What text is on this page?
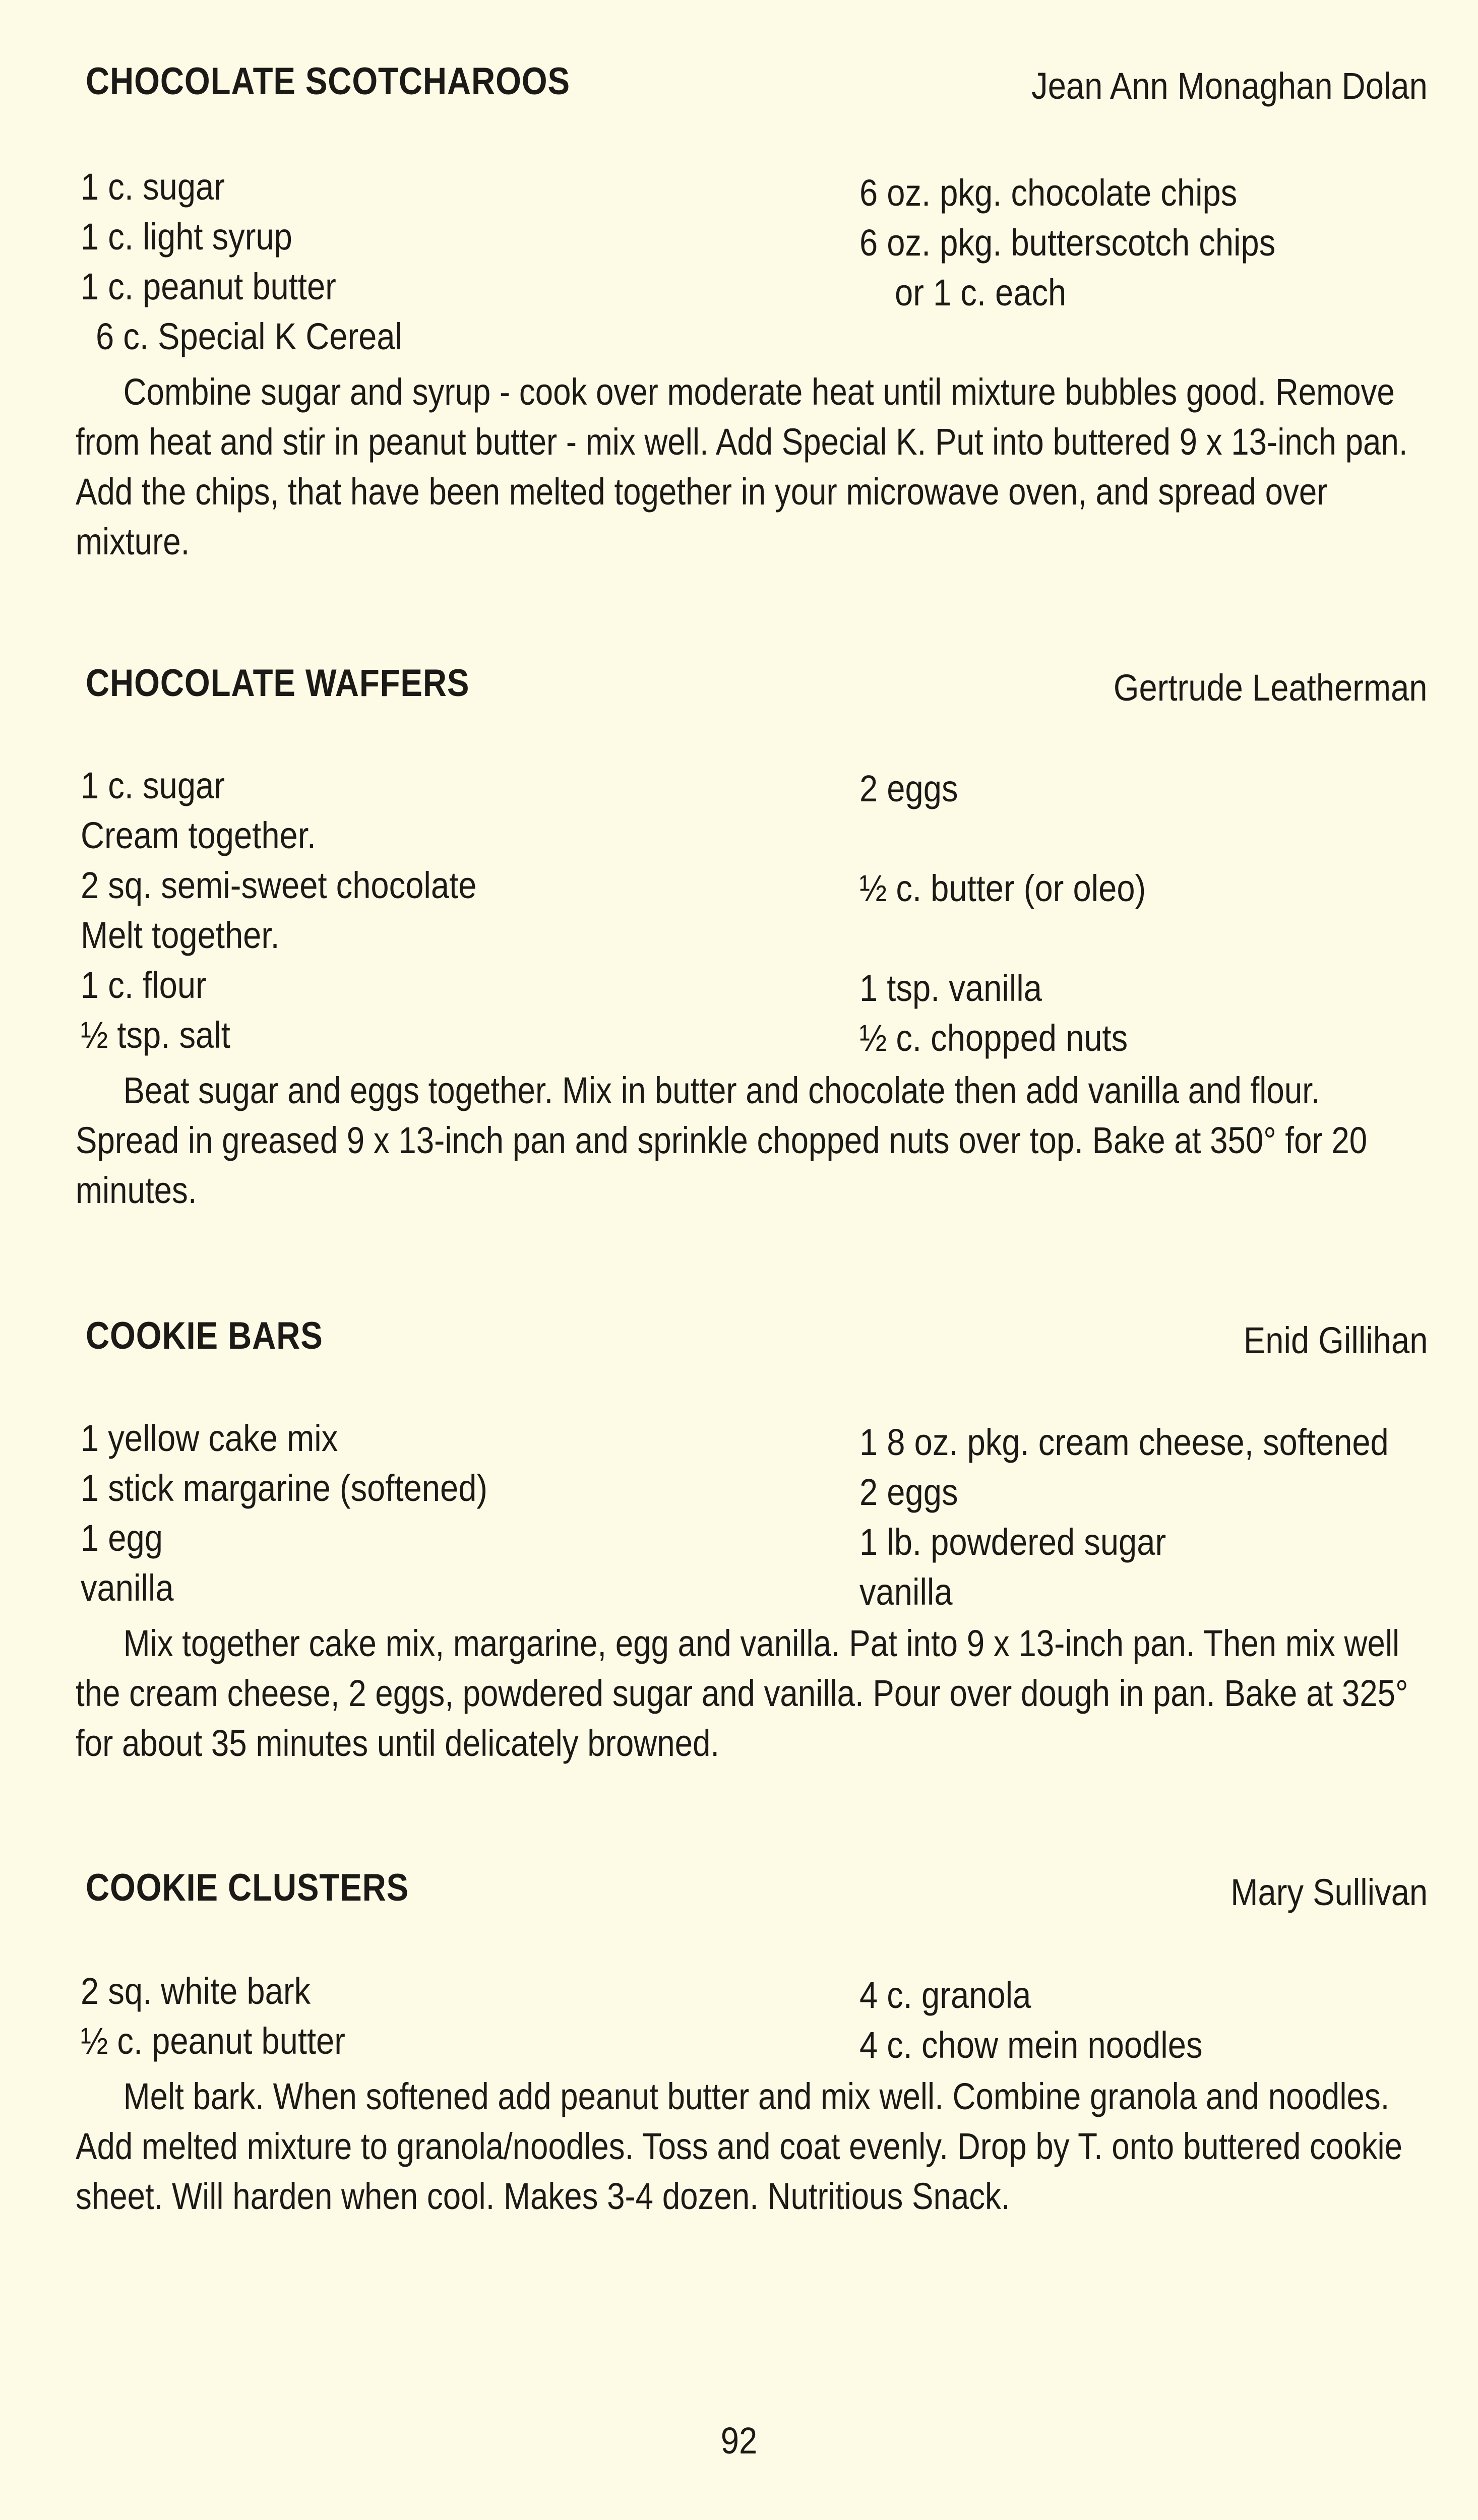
CHOCOLATE SCOTCHAROOS	Jean Ann Monaghan Dolan
1 c. sugar	6 oz. pkg. chocolate chips
1 c. light syrup	6 oz. pkg. butterscotch chips
1 c. peanut butter	or 1 c. each
6 c. Special K Cereal

Combine sugar and syrup - cook over moderate heat until mixture bubbles good. Remove from heat and stir in peanut butter - mix well. Add Special K. Put into buttered 9 x 13-inch pan. Add the chips, that have been melted together in your microwave oven, and spread over mixture.

CHOCOLATE WAFFERS	Gertrude Leatherman
1 c. sugar	2 eggs
Cream together.
2 sq. semi-sweet chocolate	½ c. butter (or oleo)
Melt together.
1 c. flour	1 tsp. vanilla
½ tsp. salt	½ c. chopped nuts

Beat sugar and eggs together. Mix in butter and chocolate then add vanilla and flour. Spread in greased 9 x 13-inch pan and sprinkle chopped nuts over top. Bake at 350° for 20 minutes.

COOKIE BARS	Enid Gillihan
1 yellow cake mix	1 8 oz. pkg. cream cheese, softened
1 stick margarine (softened)	2 eggs
1 egg	1 lb. powdered sugar
vanilla	vanilla

Mix together cake mix, margarine, egg and vanilla. Pat into 9 x 13-inch pan. Then mix well the cream cheese, 2 eggs, powdered sugar and vanilla. Pour over dough in pan. Bake at 325° for about 35 minutes until delicately browned.

COOKIE CLUSTERS	Mary Sullivan
2 sq. white bark	4 c. granola
½ c. peanut butter	4 c. chow mein noodles

Melt bark. When softened add peanut butter and mix well. Combine granola and noodles. Add melted mixture to granola/noodles. Toss and coat evenly. Drop by T. onto buttered cookie sheet. Will harden when cool. Makes 3-4 dozen. Nutritious Snack.

92
